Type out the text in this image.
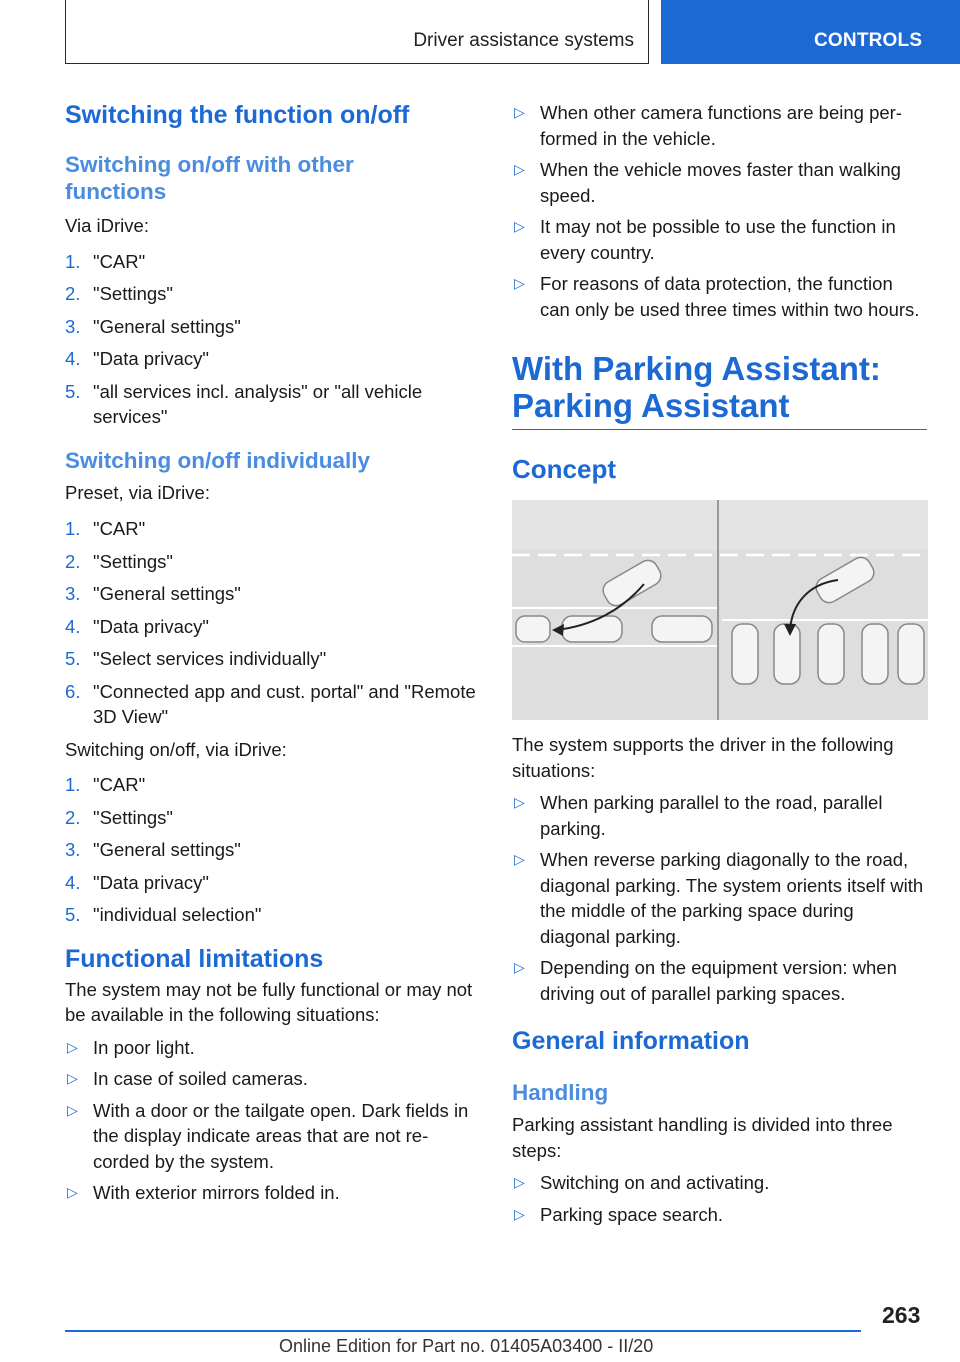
Driver assistance systems	CONTROLS
Switching the function on/off
Switching on/off with other functions

Via iDrive:

1. "CAR"
2. "Settings"
3. "General settings"
4. "Data privacy"
5. "all services incl. analysis" or "all vehicle services"
Switching on/off individually

Preset, via iDrive:

1. "CAR"
2. "Settings"
3. "General settings"
4. "Data privacy"
5. "Select services individually"
6. "Connected app and cust. portal" and "Remote 3D View"

Switching on/off, via iDrive:

1. "CAR"
2. "Settings"
3. "General settings"
4. "Data privacy"
5. "individual selection"
Functional limitations

The system may not be fully functional or may not be available in the following situations:

▷ In poor light.
▷ In case of soiled cameras.
▷ With a door or the tailgate open. Dark fields in the display indicate areas that are not re-corded by the system.
▷ With exterior mirrors folded in.
▷ When other camera functions are being per-formed in the vehicle.
▷ When the vehicle moves faster than walking speed.
▷ It may not be possible to use the function in every country.
▷ For reasons of data protection, the function can only be used three times within two hours.
With Parking Assistant: Parking Assistant
Concept

The system supports the driver in the following situations:

▷ When parking parallel to the road, parallel parking.
▷ When reverse parking diagonally to the road, diagonal parking. The system orients itself with the middle of the parking space during diagonal parking.
▷ Depending on the equipment version: when driving out of parallel parking spaces.
General information
Handling

Parking assistant handling is divided into three steps:

▷ Switching on and activating.
▷ Parking space search.
263
Online Edition for Part no. 01405A03400 - II/20
